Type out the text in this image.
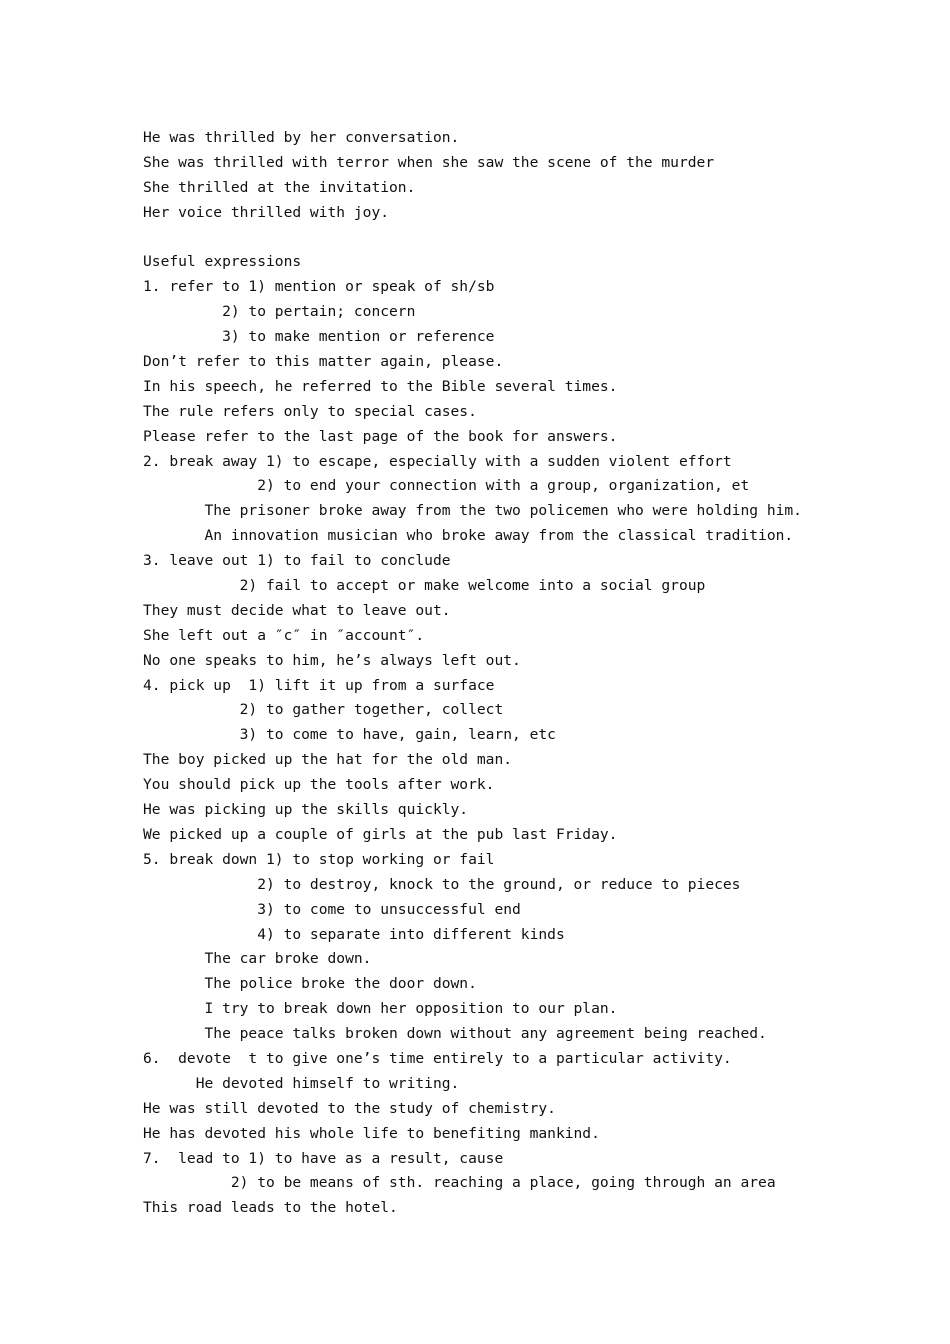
He was thrilled by her conversation.
She was thrilled with terror when she saw the scene of the murder
She thrilled at the invitation.
Her voice thrilled with joy.
Useful expressions
1. refer to 1) mention or speak of sh/sb
2) to pertain; concern
3) to make mention or reference
Don’t refer to this matter again, please.
In his speech, he referred to the Bible several times.
The rule refers only to special cases.
Please refer to the last page of the book for answers.
2. break away 1) to escape, especially with a sudden violent effort
2) to end your connection with a group, organization, et
The prisoner broke away from the two policemen who were holding him.
An innovation musician who broke away from the classical tradition.
3. leave out 1) to fail to conclude
2) fail to accept or make welcome into a social group
They must decide what to leave out.
She left out a ″c″ in ″account″.
No one speaks to him, he’s always left out.
4. pick up  1) lift it up from a surface
2) to gather together, collect
3) to come to have, gain, learn, etc
The boy picked up the hat for the old man.
You should pick up the tools after work.
He was picking up the skills quickly.
We picked up a couple of girls at the pub last Friday.
5. break down 1) to stop working or fail
2) to destroy, knock to the ground, or reduce to pieces
3) to come to unsuccessful end
4) to separate into different kinds
The car broke down.
The police broke the door down.
I try to break down her opposition to our plan.
The peace talks broken down without any agreement being reached.
6.  devote  t to give one’s time entirely to a particular activity.
He devoted himself to writing.
He was still devoted to the study of chemistry.
He has devoted his whole life to benefiting mankind.
7.  lead to 1) to have as a result, cause
2) to be means of sth. reaching a place, going through an area
This road leads to the hotel.
